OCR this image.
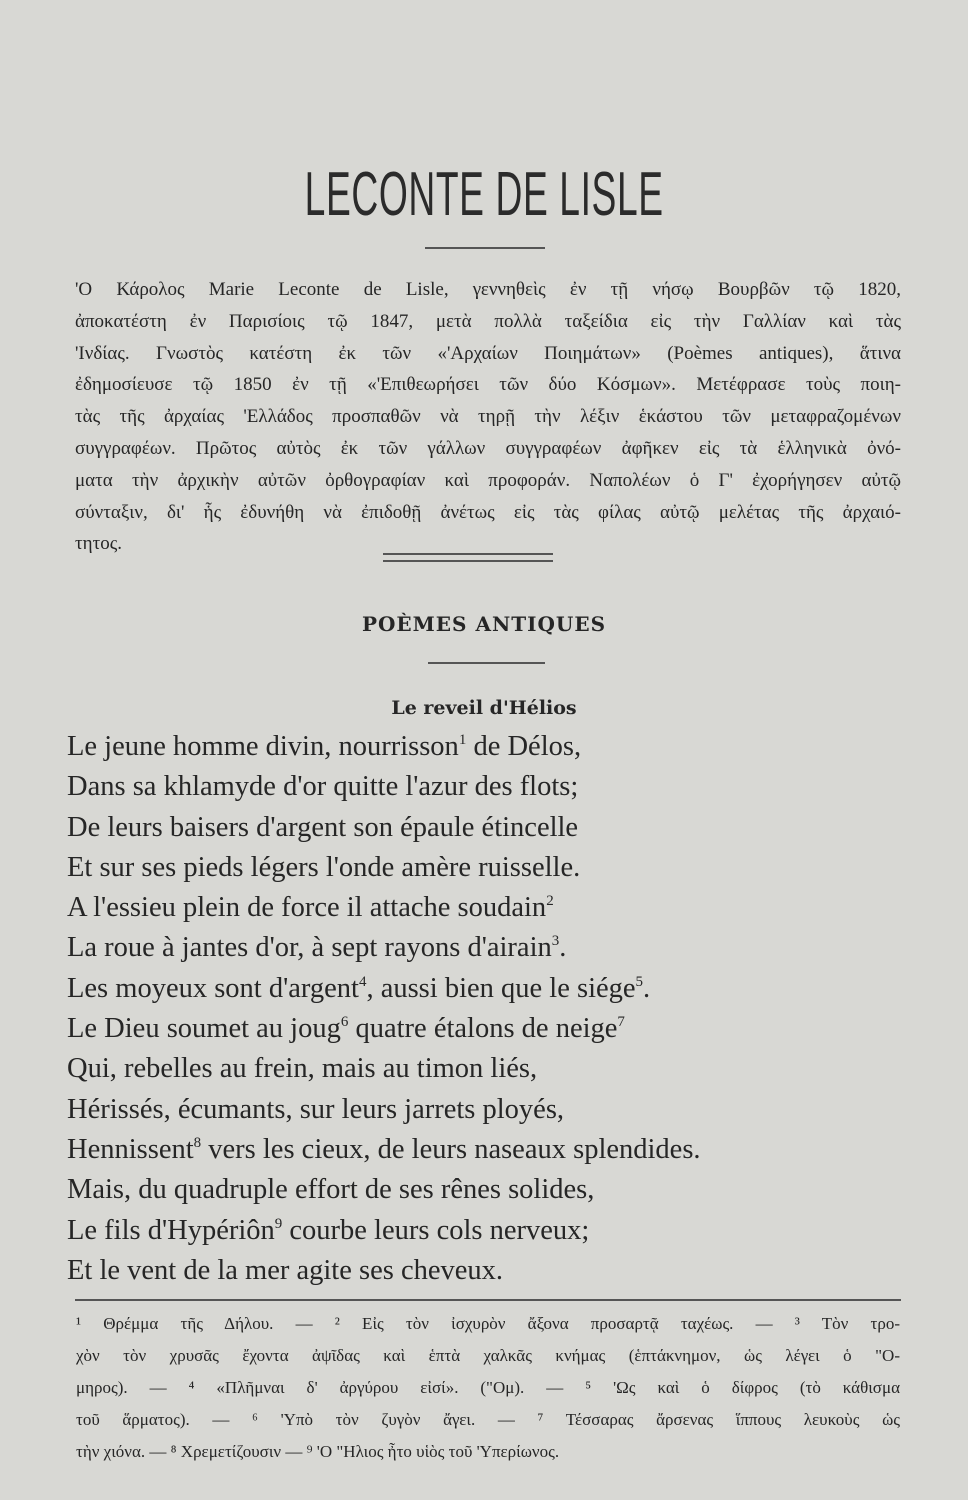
LECONTE DE LISLE
'Ο Κάρολος Marie Leconte de Lisle, γεννηθεὶς ἐν τῇ νήσῳ Βουρβῶν τῷ 1820,
ἀποκατέστη ἐν Παρισίοις τῷ 1847, μετὰ πολλὰ ταξείδια εἰς τὴν Γαλλίαν καὶ τὰς
'Ινδίας. Γνωστὸς κατέστη ἐκ τῶν «'Αρχαίων Ποιημάτων» (Poèmes antiques), ἅτινα
ἐδημοσίευσε τῷ 1850 ἐν τῇ «'Επιθεωρήσει τῶν δύο Κόσμων». Μετέφρασε τοὺς ποιη-
τὰς τῆς ἀρχαίας 'Ελλάδος προσπαθῶν νὰ τηρῇ τὴν λέξιν ἑκάστου τῶν μεταφραζομένων
συγγραφέων. Πρῶτος αὐτὸς ἐκ τῶν γάλλων συγγραφέων ἀφῆκεν εἰς τὰ ἑλληνικὰ ὀνό-
ματα τὴν ἀρχικὴν αὐτῶν ὀρθογραφίαν καὶ προφοράν. Ναπολέων ὁ Γ' ἐχορήγησεν αὐτῷ
σύνταξιν, δι' ἧς ἐδυνήθη νὰ ἐπιδοθῇ ἀνέτως εἰς τὰς φίλας αὐτῷ μελέτας τῆς ἀρχαιό-
τητος.
POÈMES ANTIQUES
Le reveil d'Hélios
Le jeune homme divin, nourrisson$^1$ de Délos,
Dans sa khlamyde d'or quitte l'azur des flots;
De leurs baisers d'argent son épaule étincelle
Et sur ses pieds légers l'onde amère ruisselle.
A l'essieu plein de force il attache soudain$^2$
La roue à jantes d'or, à sept rayons d'airain$^3$.
Les moyeux sont d'argent$^4$, aussi bien que le siége$^5$.
Le Dieu soumet au joug$^6$ quatre étalons de neige$^7$
Qui, rebelles au frein, mais au timon liés,
Hérissés, écumants, sur leurs jarrets ployés,
Hennissent$^8$ vers les cieux, de leurs naseaux splendides.
Mais, du quadruple effort de ses rênes solides,
Le fils d'Hypériôn$^9$ courbe leurs cols nerveux;
Et le vent de la mer agite ses cheveux.
¹ Θρέμμα τῆς Δήλου. — ² Εἰς τὸν ἰσχυρὸν ἄξονα προσαρτᾷ ταχέως. — ³ Τὸν τρο-
χὸν τὸν χρυσᾶς ἔχοντα ἀψῖδας καὶ ἑπτὰ χαλκᾶς κνήμας (ἑπτάκνημον, ὡς λέγει ὁ "Ο-
μηρος). — ⁴ «Πλῆμναι δ' ἀργύρου εἰσί». ("Ομ). — ⁵ 'Ως καὶ ὁ δίφρος (τὸ κάθισμα
τοῦ ἅρματος). — ⁶ 'Υπὸ τὸν ζυγὸν ἄγει. — ⁷ Τέσσαρας ἄρσενας ἵππους λευκοὺς ὡς
τὴν χιόνα. — ⁸ Χρεμετίζουσιν — ⁹ 'Ο "Ηλιος ἦτο υἱὸς τοῦ 'Υπερίωνος.
